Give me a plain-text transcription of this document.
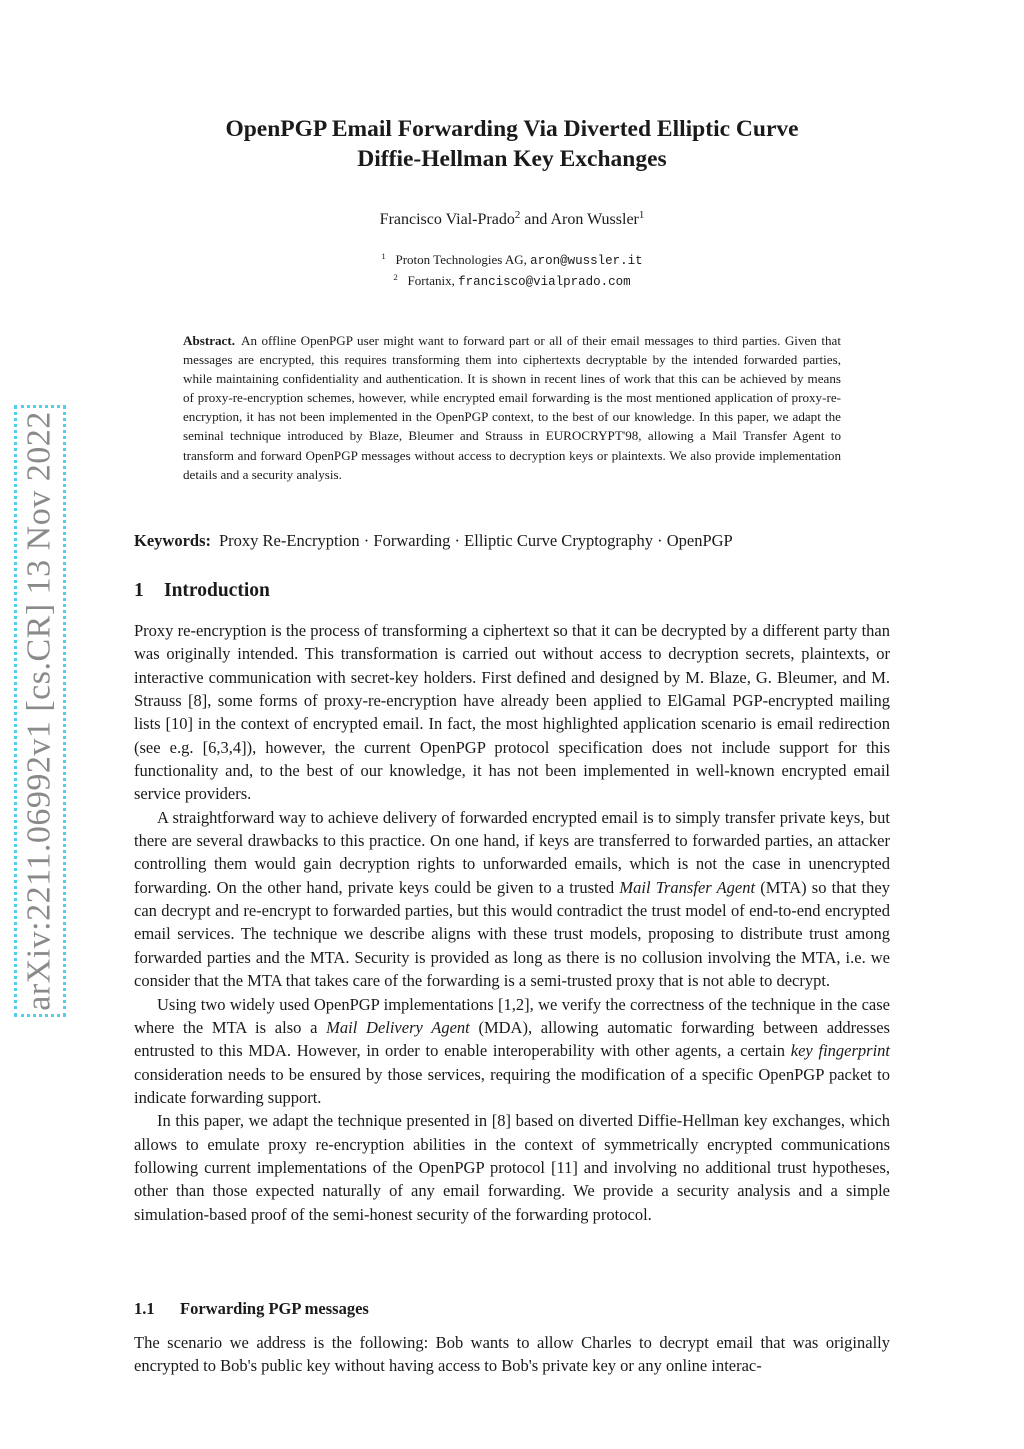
arXiv:2211.06992v1 [cs.CR] 13 Nov 2022
OpenPGP Email Forwarding Via Diverted Elliptic Curve
Diffie-Hellman Key Exchanges
Francisco Vial-Prado$^2$ and Aron Wussler$^1$
$^1$ Proton Technologies AG, aron@wussler.it
$^2$ Fortanix, francisco@vialprado.com
Abstract. An offline OpenPGP user might want to forward part or all of their email messages to third parties. Given that messages are encrypted, this requires transforming them into ciphertexts decryptable by the intended forwarded parties, while maintaining confidentiality and authentication. It is shown in recent lines of work that this can be achieved by means of proxy-re-encryption schemes, however, while encrypted email forwarding is the most mentioned application of proxy-re-encryption, it has not been implemented in the OpenPGP context, to the best of our knowledge. In this paper, we adapt the seminal technique introduced by Blaze, Bleumer and Strauss in EUROCRYPT'98, allowing a Mail Transfer Agent to transform and forward OpenPGP messages without access to decryption keys or plaintexts. We also provide implementation details and a security analysis.
Keywords: Proxy Re-Encryption · Forwarding · Elliptic Curve Cryptography · OpenPGP
1 Introduction

Proxy re-encryption is the process of transforming a ciphertext so that it can be decrypted by a different party than was originally intended. This transformation is carried out without access to decryption secrets, plaintexts, or interactive communication with secret-key holders. First defined and designed by M. Blaze, G. Bleumer, and M. Strauss [8], some forms of proxy-re-encryption have already been applied to ElGamal PGP-encrypted mailing lists [10] in the context of encrypted email. In fact, the most highlighted application scenario is email redirection (see e.g. [6,3,4]), however, the current OpenPGP protocol specification does not include support for this functionality and, to the best of our knowledge, it has not been implemented in well-known encrypted email service providers.

A straightforward way to achieve delivery of forwarded encrypted email is to simply transfer private keys, but there are several drawbacks to this practice. On one hand, if keys are transferred to forwarded parties, an attacker controlling them would gain decryption rights to unforwarded emails, which is not the case in unencrypted forwarding. On the other hand, private keys could be given to a trusted Mail Transfer Agent (MTA) so that they can decrypt and re-encrypt to forwarded parties, but this would contradict the trust model of end-to-end encrypted email services. The technique we describe aligns with these trust models, proposing to distribute trust among forwarded parties and the MTA. Security is provided as long as there is no collusion involving the MTA, i.e. we consider that the MTA that takes care of the forwarding is a semi-trusted proxy that is not able to decrypt.

Using two widely used OpenPGP implementations [1,2], we verify the correctness of the technique in the case where the MTA is also a Mail Delivery Agent (MDA), allowing automatic forwarding between addresses entrusted to this MDA. However, in order to enable interoperability with other agents, a certain key fingerprint consideration needs to be ensured by those services, requiring the modification of a specific OpenPGP packet to indicate forwarding support.

In this paper, we adapt the technique presented in [8] based on diverted Diffie-Hellman key exchanges, which allows to emulate proxy re-encryption abilities in the context of symmetrically encrypted communications following current implementations of the OpenPGP protocol [11] and involving no additional trust hypotheses, other than those expected naturally of any email forwarding. We provide a security analysis and a simple simulation-based proof of the semi-honest security of the forwarding protocol.

1.1 Forwarding PGP messages

The scenario we address is the following: Bob wants to allow Charles to decrypt email that was originally encrypted to Bob's public key without having access to Bob's private key or any online interac-
